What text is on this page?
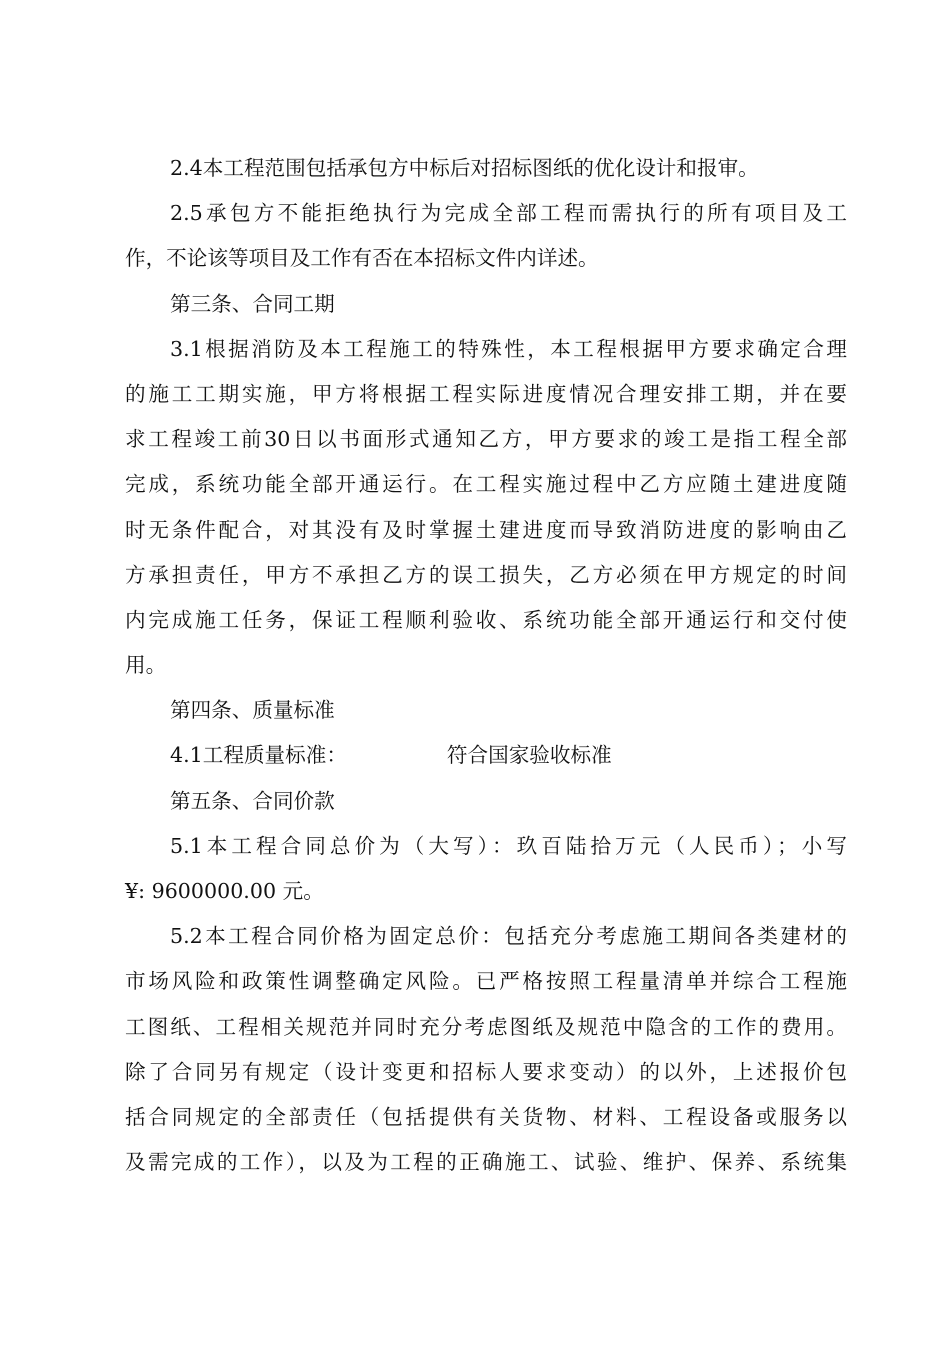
2.4本工程范围包括承包方中标后对招标图纸的优化设计和报审。
2.5承包方不能拒绝执行为完成全部工程而需执行的所有项目及工
作，不论该等项目及工作有否在本招标文件内详述。
第三条、合同工期
3.1根据消防及本工程施工的特殊性，本工程根据甲方要求确定合理
的施工工期实施，甲方将根据工程实际进度情况合理安排工期，并在要
求工程竣工前30日以书面形式通知乙方，甲方要求的竣工是指工程全部
完成，系统功能全部开通运行。在工程实施过程中乙方应随土建进度随
时无条件配合，对其没有及时掌握土建进度而导致消防进度的影响由乙
方承担责任，甲方不承担乙方的误工损失，乙方必须在甲方规定的时间
内完成施工任务，保证工程顺利验收、系统功能全部开通运行和交付使
用。
第四条、质量标准
4.1工程质量标准：	符合国家验收标准
第五条、合同价款
5.1本工程合同总价为（大写）：玖百陆拾万元（人民币）；小写
¥: 9600000.00 元。
5.2本工程合同价格为固定总价：包括充分考虑施工期间各类建材的
市场风险和政策性调整确定风险。已严格按照工程量清单并综合工程施
工图纸、工程相关规范并同时充分考虑图纸及规范中隐含的工作的费用。
除了合同另有规定（设计变更和招标人要求变动）的以外，上述报价包
括合同规定的全部责任（包括提供有关货物、材料、工程设备或服务以
及需完成的工作），以及为工程的正确施工、试验、维护、保养、系统集
